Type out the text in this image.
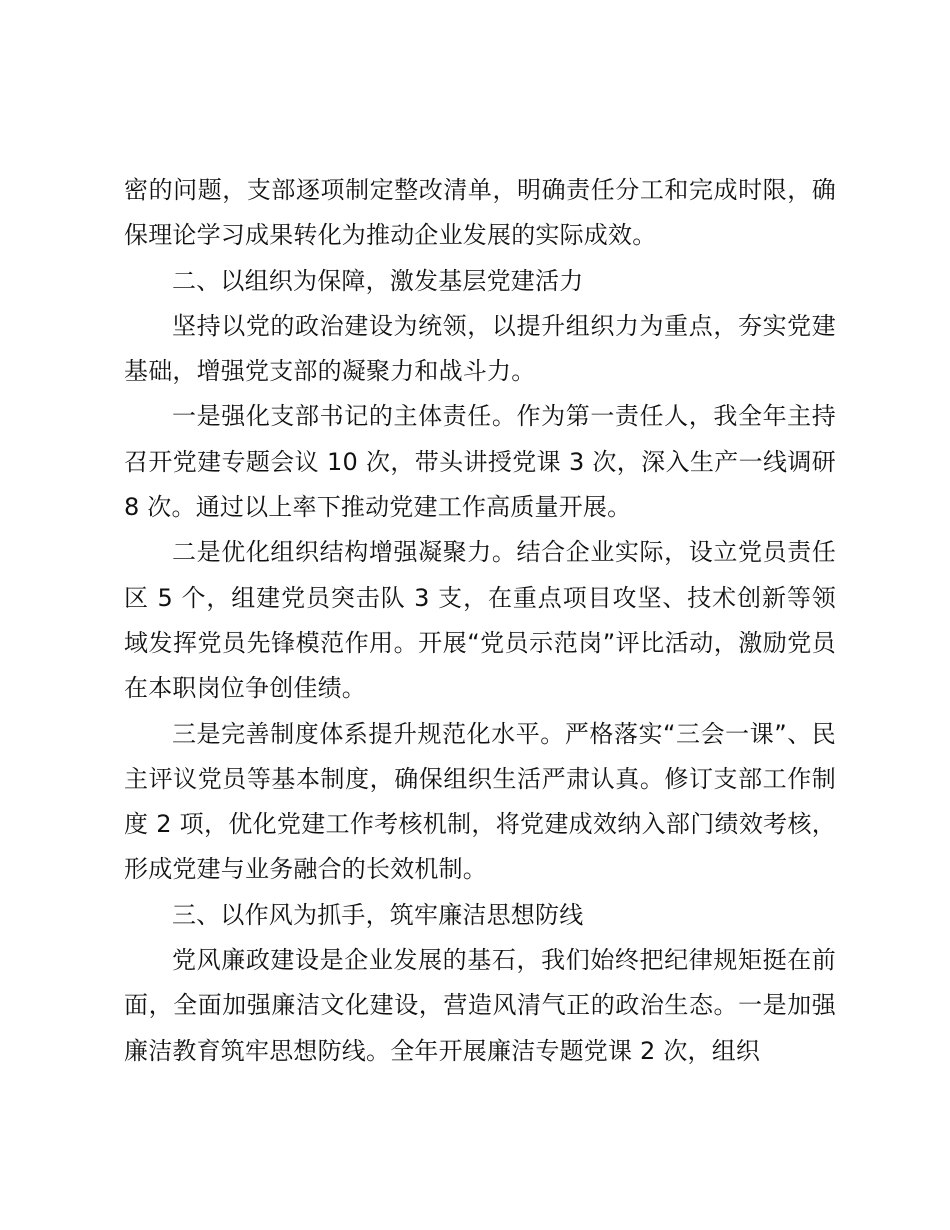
密的问题，支部逐项制定整改清单，明确责任分工和完成时限，确保理论学习成果转化为推动企业发展的实际成效。

二、以组织为保障，激发基层党建活力

坚持以党的政治建设为统领，以提升组织力为重点，夯实党建基础，增强党支部的凝聚力和战斗力。

一是强化支部书记的主体责任。作为第一责任人，我全年主持召开党建专题会议 10 次，带头讲授党课 3 次，深入生产一线调研 8 次。通过以上率下推动党建工作高质量开展。

二是优化组织结构增强凝聚力。结合企业实际，设立党员责任区 5 个，组建党员突击队 3 支，在重点项目攻坚、技术创新等领域发挥党员先锋模范作用。开展“党员示范岗”评比活动，激励党员在本职岗位争创佳绩。

三是完善制度体系提升规范化水平。严格落实“三会一课”、民主评议党员等基本制度，确保组织生活严肃认真。修订支部工作制度 2 项，优化党建工作考核机制，将党建成效纳入部门绩效考核，形成党建与业务融合的长效机制。

三、以作风为抓手，筑牢廉洁思想防线

党风廉政建设是企业发展的基石，我们始终把纪律规矩挺在前面，全面加强廉洁文化建设，营造风清气正的政治生态。一是加强廉洁教育筑牢思想防线。全年开展廉洁专题党课 2 次，组织
